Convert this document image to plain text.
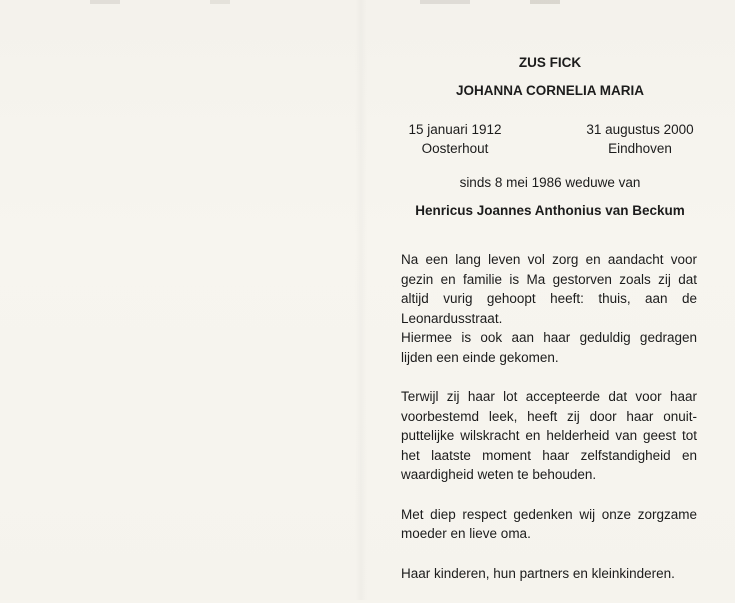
ZUS FICK
JOHANNA CORNELIA MARIA
15 januari 1912
Oosterhout
31 augustus 2000
Eindhoven
sinds 8 mei 1986 weduwe van
Henricus Joannes Anthonius van Beckum

Na een lang leven vol zorg en aandacht voor
gezin en familie is Ma gestorven zoals zij dat
altijd vurig gehoopt heeft: thuis, aan de
Leonardusstraat.
Hiermee is ook aan haar geduldig gedragen
lijden een einde gekomen.

Terwijl zij haar lot accepteerde dat voor haar
voorbestemd leek, heeft zij door haar onuit-
puttelijke wilskracht en helderheid van geest tot
het laatste moment haar zelfstandigheid en
waardigheid weten te behouden.

Met diep respect gedenken wij onze zorgzame
moeder en lieve oma.

Haar kinderen, hun partners en kleinkinderen.
